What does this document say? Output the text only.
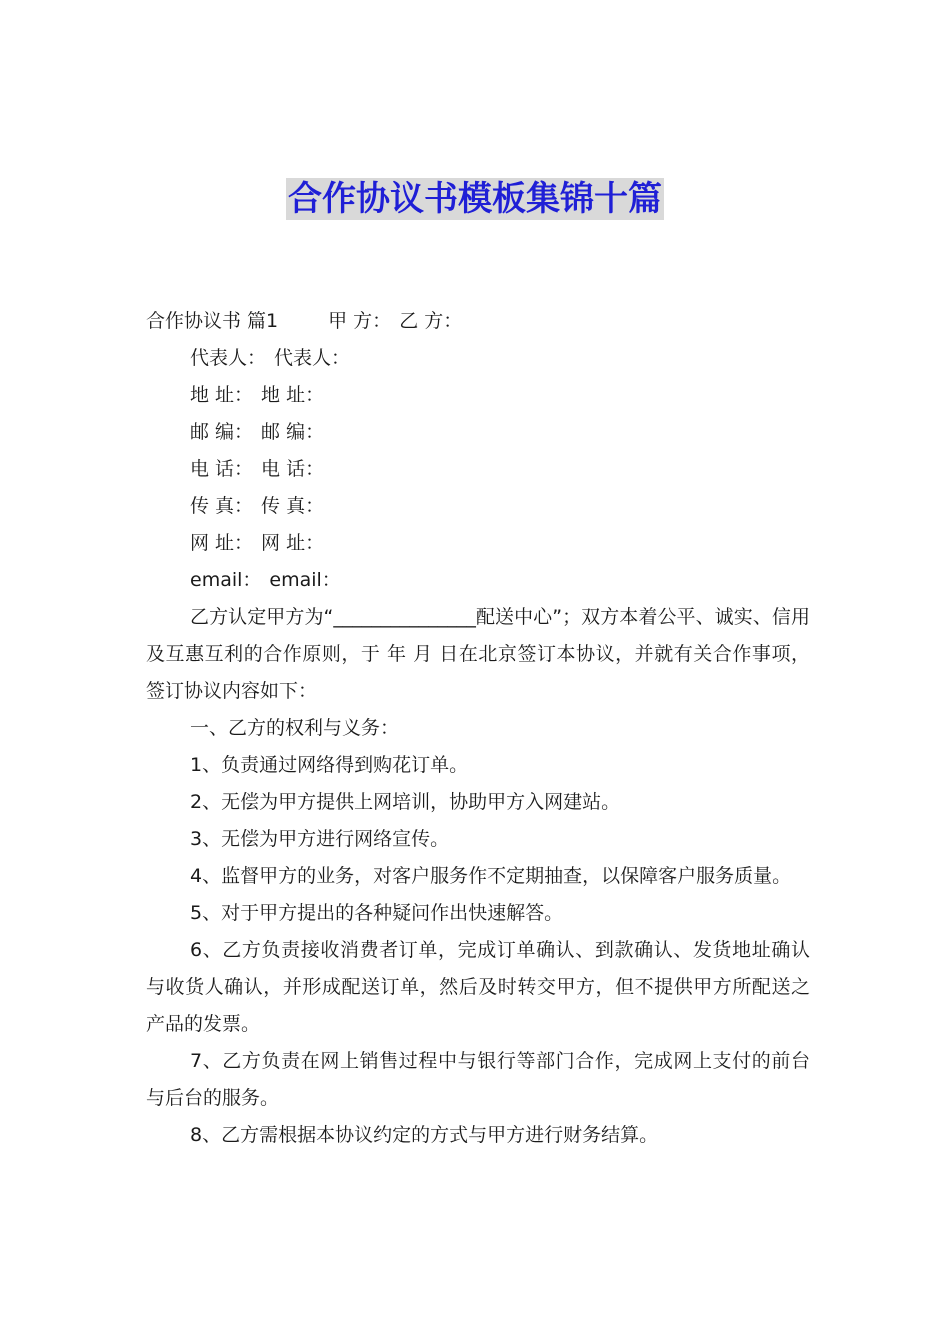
合作协议书模板集锦十篇
合作协议书 篇1	甲 方： 乙 方：
代表人： 代表人：
地 址： 地 址：
邮 编： 邮 编：
电 话： 电 话：
传 真： 传 真：
网 址： 网 址：
email： email：
乙方认定甲方为“_______________配送中心”；双方本着公平、诚实、信用及互惠互利的合作原则，于 年 月 日在北京签订本协议，并就有关合作事项，签订协议内容如下：
一、乙方的权利与义务：
1、负责通过网络得到购花订单。
2、无偿为甲方提供上网培训，协助甲方入网建站。
3、无偿为甲方进行网络宣传。
4、监督甲方的业务，对客户服务作不定期抽查，以保障客户服务质量。
5、对于甲方提出的各种疑问作出快速解答。
6、乙方负责接收消费者订单，完成订单确认、到款确认、发货地址确认与收货人确认，并形成配送订单，然后及时转交甲方，但不提供甲方所配送之产品的发票。
7、乙方负责在网上销售过程中与银行等部门合作，完成网上支付的前台与后台的服务。
8、乙方需根据本协议约定的方式与甲方进行财务结算。
